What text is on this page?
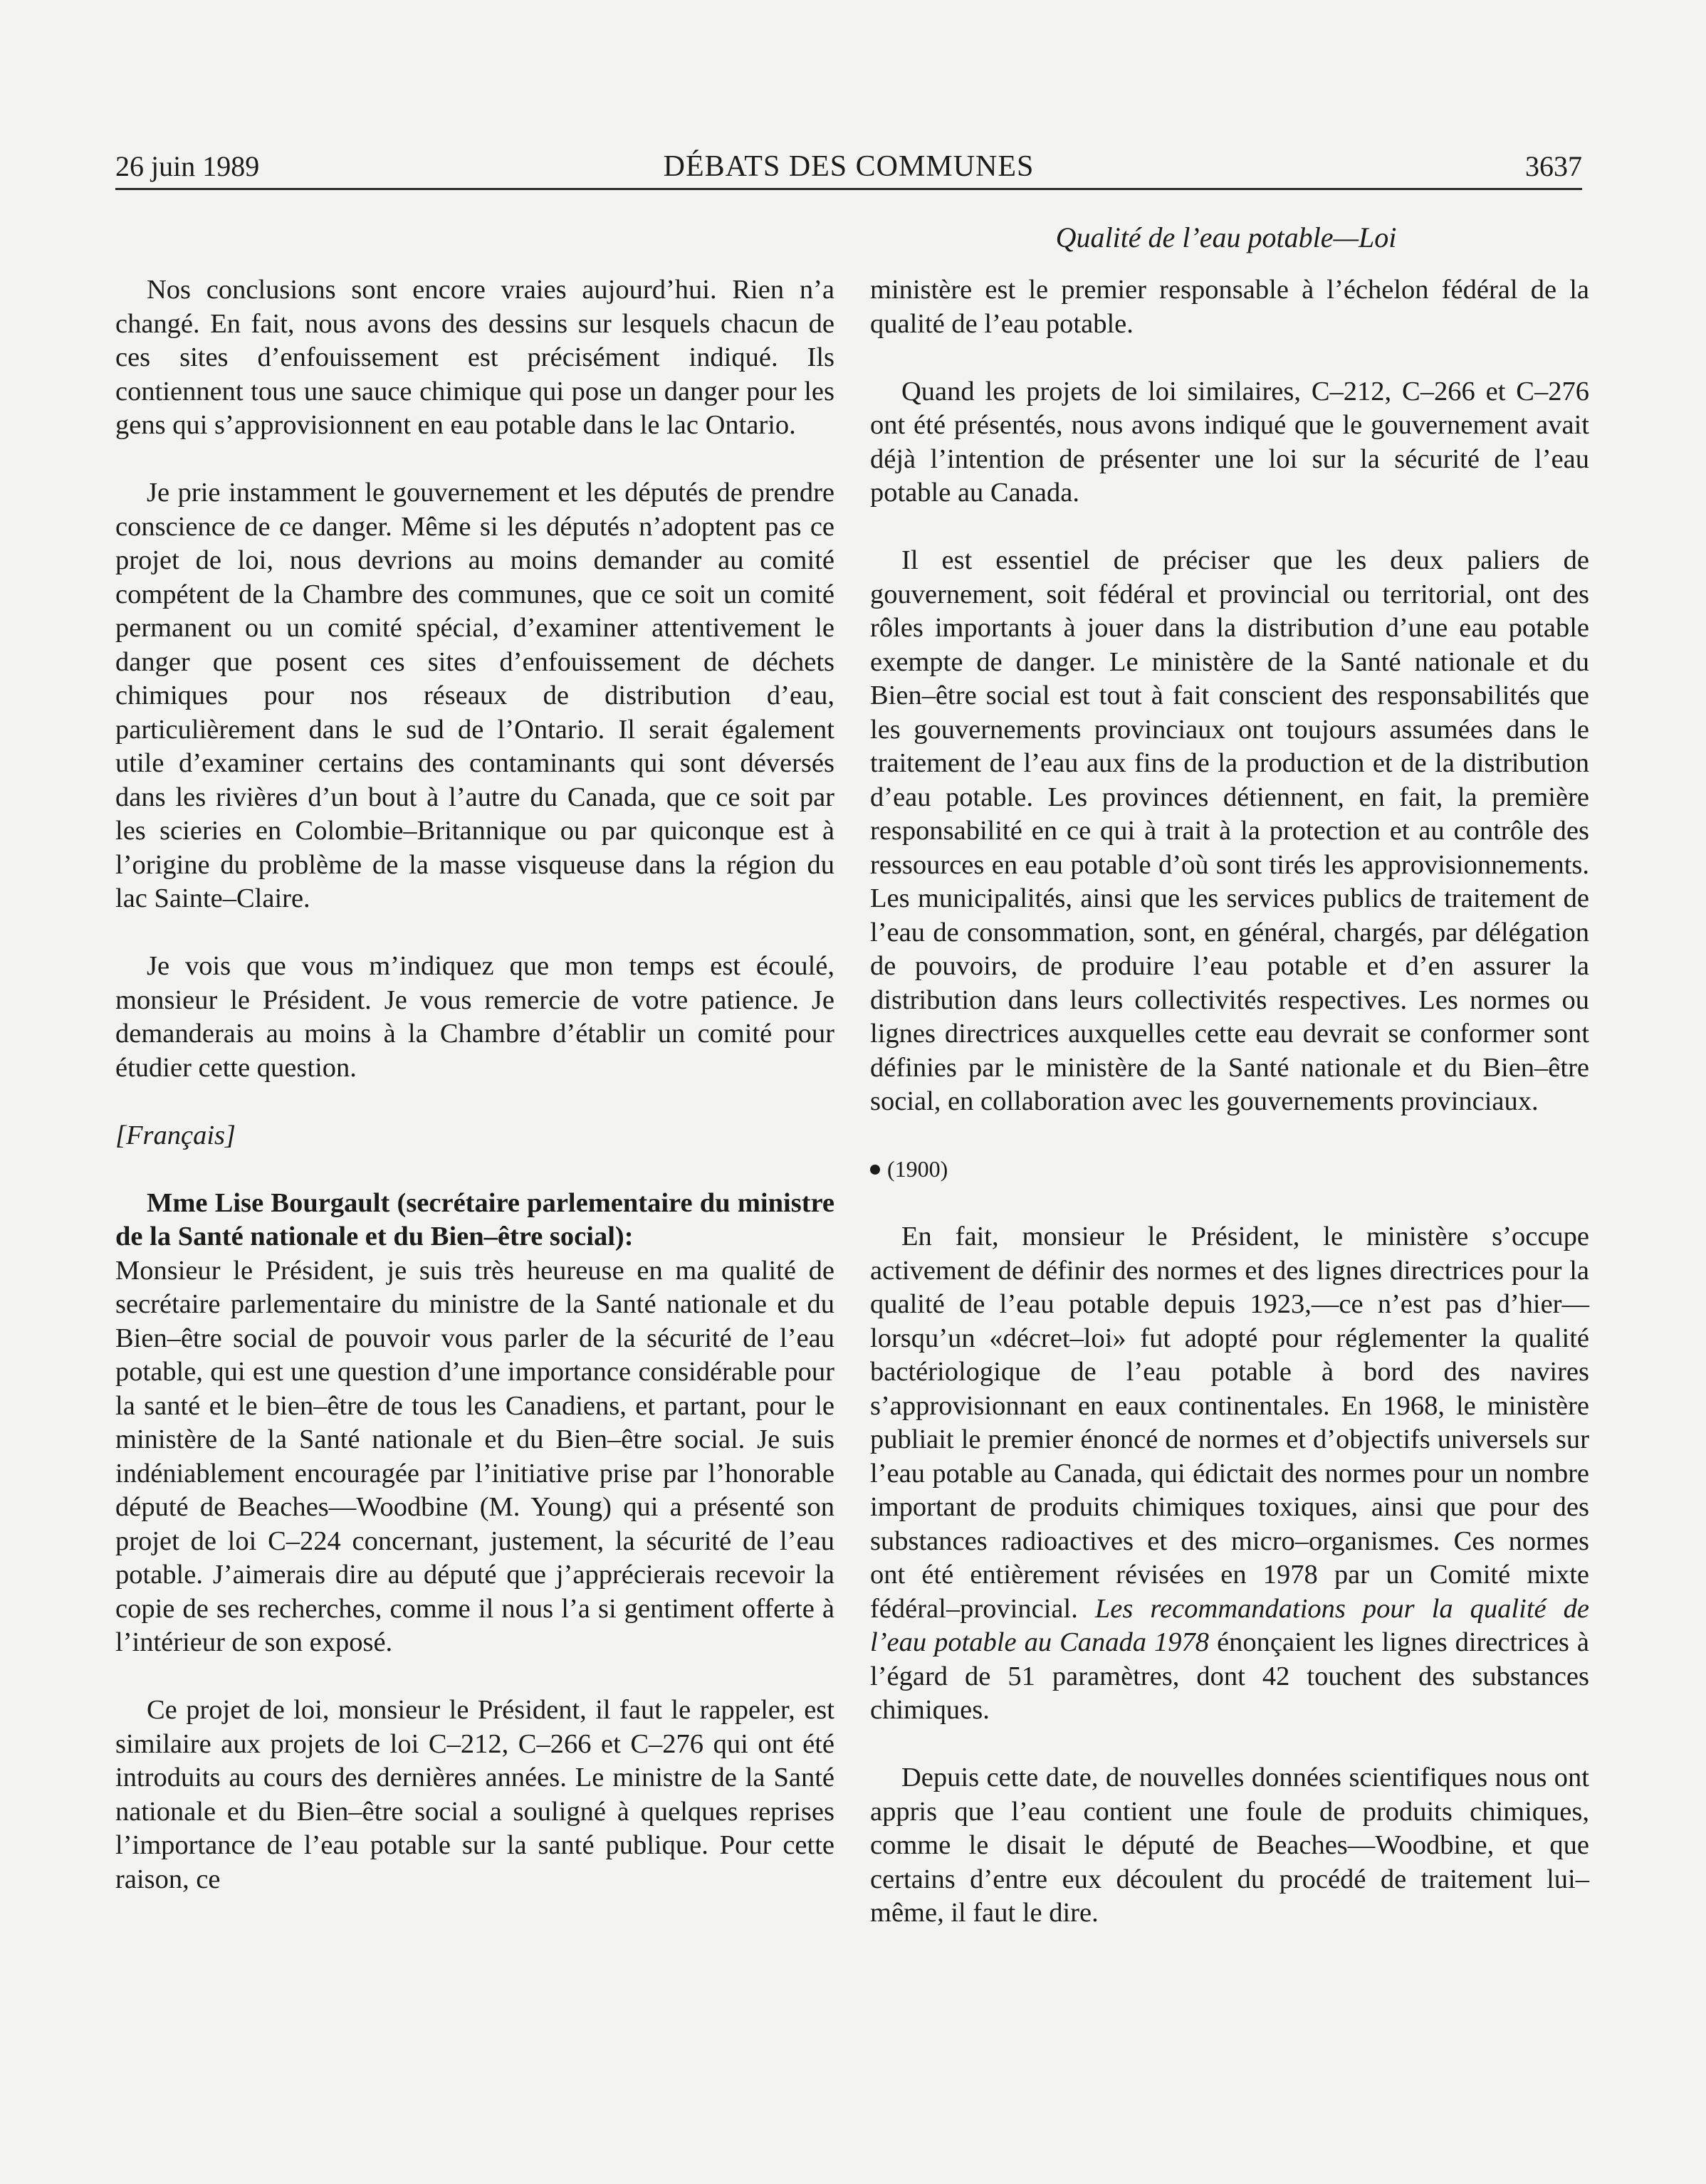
26 juin 1989	DÉBATS DES COMMUNES	3637
Qualité de l’eau potable—Loi

Nos conclusions sont encore vraies aujourd’hui. Rien n’a changé. En fait, nous avons des dessins sur lesquels chacun de ces sites d’enfouissement est précisément indiqué. Ils contiennent tous une sauce chimique qui pose un danger pour les gens qui s’approvisionnent en eau potable dans le lac Ontario.

Je prie instamment le gouvernement et les députés de prendre conscience de ce danger. Même si les députés n’adoptent pas ce projet de loi, nous devrions au moins demander au comité compétent de la Chambre des communes, que ce soit un comité permanent ou un comité spécial, d’examiner attentivement le danger que posent ces sites d’enfouissement de déchets chimiques pour nos réseaux de distribution d’eau, particulièrement dans le sud de l’Ontario. Il serait également utile d’examiner certains des contaminants qui sont déversés dans les rivières d’un bout à l’autre du Canada, que ce soit par les scieries en Colombie–Britannique ou par quiconque est à l’origine du problème de la masse visqueuse dans la région du lac Sainte–Claire.

Je vois que vous m’indiquez que mon temps est écoulé, monsieur le Président. Je vous remercie de votre patience. Je demanderais au moins à la Chambre d’établir un comité pour étudier cette question.

[Français]

Mme Lise Bourgault (secrétaire parlementaire du ministre de la Santé nationale et du Bien–être social):

Monsieur le Président, je suis très heureuse en ma qualité de secrétaire parlementaire du ministre de la Santé nationale et du Bien–être social de pouvoir vous parler de la sécurité de l’eau potable, qui est une question d’une importance considérable pour la santé et le bien–être de tous les Canadiens, et partant, pour le ministère de la Santé nationale et du Bien–être social. Je suis indéniablement encouragée par l’initiative prise par l’honorable député de Beaches—Woodbine (M. Young) qui a présenté son projet de loi C–224 concernant, justement, la sécurité de l’eau potable. J’aimerais dire au député que j’apprécierais recevoir la copie de ses recherches, comme il nous l’a si gentiment offerte à l’intérieur de son exposé.

Ce projet de loi, monsieur le Président, il faut le rappeler, est similaire aux projets de loi C–212, C–266 et C–276 qui ont été introduits au cours des dernières années. Le ministre de la Santé nationale et du Bien–être social a souligné à quelques reprises l’importance de l’eau potable sur la santé publique. Pour cette raison, ce

ministère est le premier responsable à l’échelon fédéral de la qualité de l’eau potable.

Quand les projets de loi similaires, C–212, C–266 et C–276 ont été présentés, nous avons indiqué que le gouvernement avait déjà l’intention de présenter une loi sur la sécurité de l’eau potable au Canada.

Il est essentiel de préciser que les deux paliers de gouvernement, soit fédéral et provincial ou territorial, ont des rôles importants à jouer dans la distribution d’une eau potable exempte de danger. Le ministère de la Santé nationale et du Bien–être social est tout à fait conscient des responsabilités que les gouvernements provinciaux ont toujours assumées dans le traitement de l’eau aux fins de la production et de la distribution d’eau potable. Les provinces détiennent, en fait, la première responsabilité en ce qui à trait à la protection et au contrôle des ressources en eau potable d’où sont tirés les approvisionnements. Les municipalités, ainsi que les services publics de traitement de l’eau de consommation, sont, en général, chargés, par délégation de pouvoirs, de produire l’eau potable et d’en assurer la distribution dans leurs collectivités respectives. Les normes ou lignes directrices auxquelles cette eau devrait se conformer sont définies par le ministère de la Santé nationale et du Bien–être social, en collaboration avec les gouvernements provinciaux.

(1900)

En fait, monsieur le Président, le ministère s’occupe activement de définir des normes et des lignes directrices pour la qualité de l’eau potable depuis 1923,—ce n’est pas d’hier—lorsqu’un «décret–loi» fut adopté pour réglementer la qualité bactériologique de l’eau potable à bord des navires s’approvisionnant en eaux continentales. En 1968, le ministère publiait le premier énoncé de normes et d’objectifs universels sur l’eau potable au Canada, qui édictait des normes pour un nombre important de produits chimiques toxiques, ainsi que pour des substances radioactives et des micro–organismes. Ces normes ont été entièrement révisées en 1978 par un Comité mixte fédéral–provincial. Les recommandations pour la qualité de l’eau potable au Canada 1978 énonçaient les lignes directrices à l’égard de 51 paramètres, dont 42 touchent des substances chimiques.

Depuis cette date, de nouvelles données scientifiques nous ont appris que l’eau contient une foule de produits chimiques, comme le disait le député de Beaches—Woodbine, et que certains d’entre eux découlent du procédé de traitement lui–même, il faut le dire.
